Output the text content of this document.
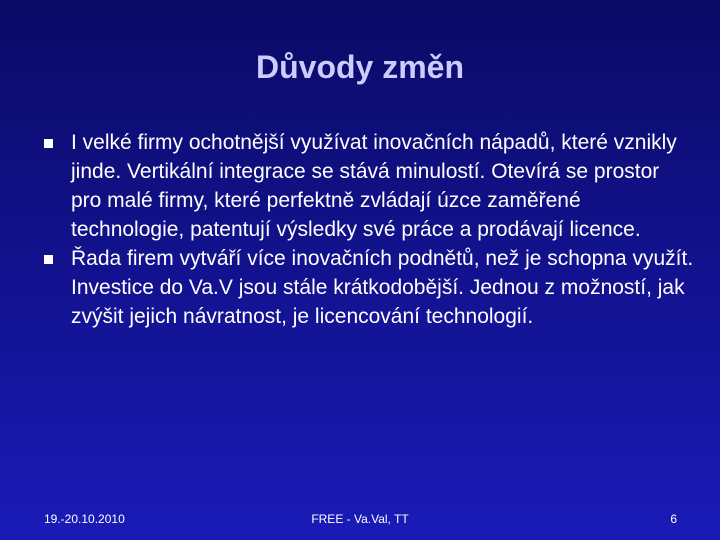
Důvody změn
I velké firmy ochotnější využívat inovačních nápadů, které vznikly jinde. Vertikální integrace se stává minulostí. Otevírá se prostor pro malé firmy, které perfektně zvládají úzce zaměřené technologie, patentují výsledky své práce a prodávají licence.
Řada firem vytváří více inovačních podnětů, než je schopna využít. Investice do Va.V jsou stále krátkodobější. Jednou z možností, jak zvýšit jejich návratnost, je licencování technologií.
19.-20.10.2010	FREE - Va.Val, TT	6
